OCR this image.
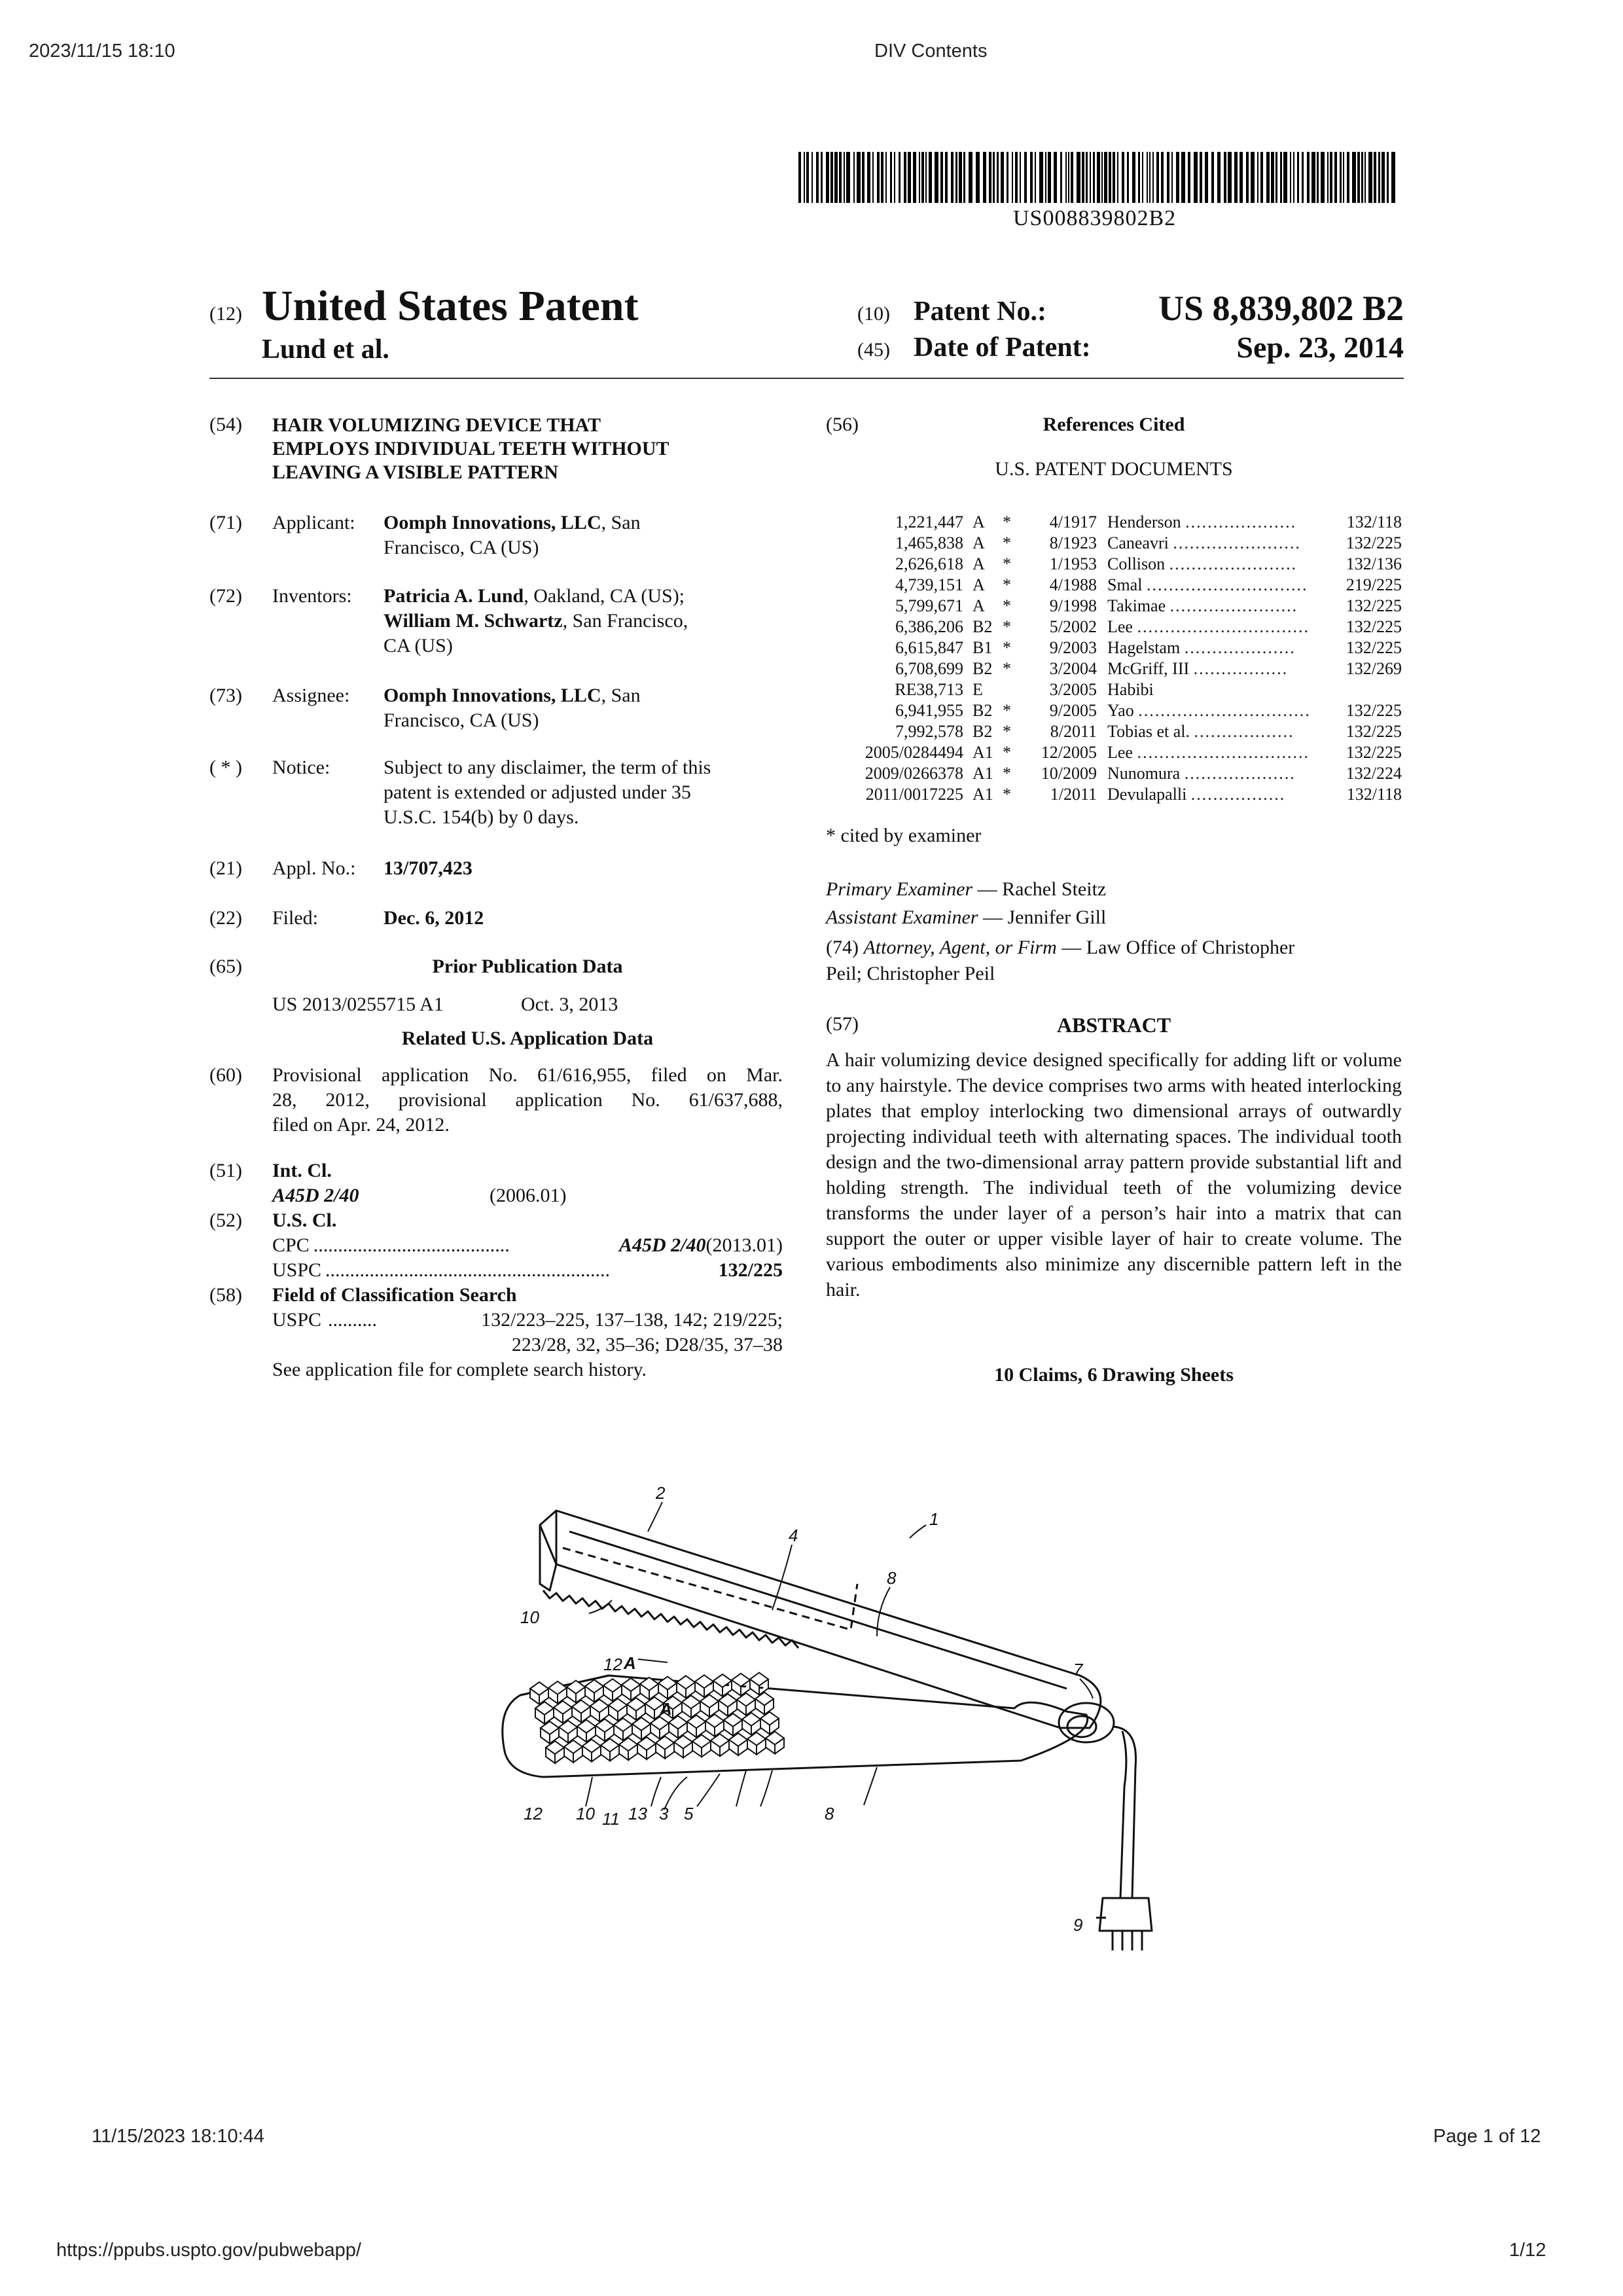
2023/11/15 18:10	DIV Contents
US008839802B2
(12) United States Patent
Lund et al.
(10) Patent No.:	US 8,839,802 B2
(45) Date of Patent:	Sep. 23, 2014
(54) HAIR VOLUMIZING DEVICE THAT
EMPLOYS INDIVIDUAL TEETH WITHOUT
LEAVING A VISIBLE PATTERN
(71) Applicant: Oomph Innovations, LLC, San
Francisco, CA (US)
(72) Inventors: Patricia A. Lund, Oakland, CA (US);
William M. Schwartz, San Francisco,
CA (US)
(73) Assignee: Oomph Innovations, LLC, San
Francisco, CA (US)
( * ) Notice:	Subject to any disclaimer, the term of this
patent is extended or adjusted under 35
U.S.C. 154(b) by 0 days.
(21) Appl. No.: 13/707,423
(22) Filed:	Dec. 6, 2012
(65)	Prior Publication Data
US 2013/0255715 A1	Oct. 3, 2013
Related U.S. Application Data
(60) Provisional application No. 61/616,955, filed on Mar.
28, 2012, provisional application No. 61/637,688,
filed on Apr. 24, 2012.
(51) Int. Cl.
A45D 2/40	(2006.01)
(52) U.S. Cl.
CPC ........................................	A45D 2/40 (2013.01)
USPC ..........................................................	132/225
(58) Field of Classification Search
USPC ..........	132/223–225, 137–138, 142; 219/225;
223/28, 32, 35–36; D28/35, 37–38
See application file for complete search history.
(56)	References Cited
U.S. PATENT DOCUMENTS
1,221,447	A	*	4/1917	Henderson ....................	132/118
1,465,838	A	*	8/1923	Caneavri .......................	132/225
2,626,618	A	*	1/1953	Collison .......................	132/136
4,739,151	A	*	4/1988	Smal .............................	219/225
5,799,671	A	*	9/1998	Takimae .......................	132/225
6,386,206	B2	*	5/2002	Lee ...............................	132/225
6,615,847	B1	*	9/2003	Hagelstam ....................	132/225
6,708,699	B2	*	3/2004	McGriff, III .................	132/269
RE38,713	E		3/2005	Habibi	
6,941,955	B2	*	9/2005	Yao ...............................	132/225
7,992,578	B2	*	8/2011	Tobias et al. ..................	132/225
2005/0284494	A1	*	12/2005	Lee ...............................	132/225
2009/0266378	A1	*	10/2009	Nunomura ....................	132/224
2011/0017225	A1	*	1/2011	Devulapalli .................	132/118
* cited by examiner
Primary Examiner — Rachel Steitz
Assistant Examiner — Jennifer Gill
(74) Attorney, Agent, or Firm — Law Office of Christopher
Peil; Christopher Peil
(57)	ABSTRACT
A hair volumizing device designed specifically for adding lift or volume to any hairstyle. The device comprises two arms with heated interlocking plates that employ interlocking two dimensional arrays of outwardly projecting individual teeth with alternating spaces. The individual tooth design and the two-dimensional array pattern provide substantial lift and holding strength. The individual teeth of the volumizing device transforms the under layer of a person’s hair into a matrix that can support the outer or upper visible layer of hair to create volume. The various embodiments also minimize any discernible pattern left in the hair.
10 Claims, 6 Drawing Sheets
1
2
4
8
10
12 A
A
7
12 10 11 13 3 5	8
9
11/15/2023 18:10:44	Page 1 of 12
https://ppubs.uspto.gov/pubwebapp/	1/12
